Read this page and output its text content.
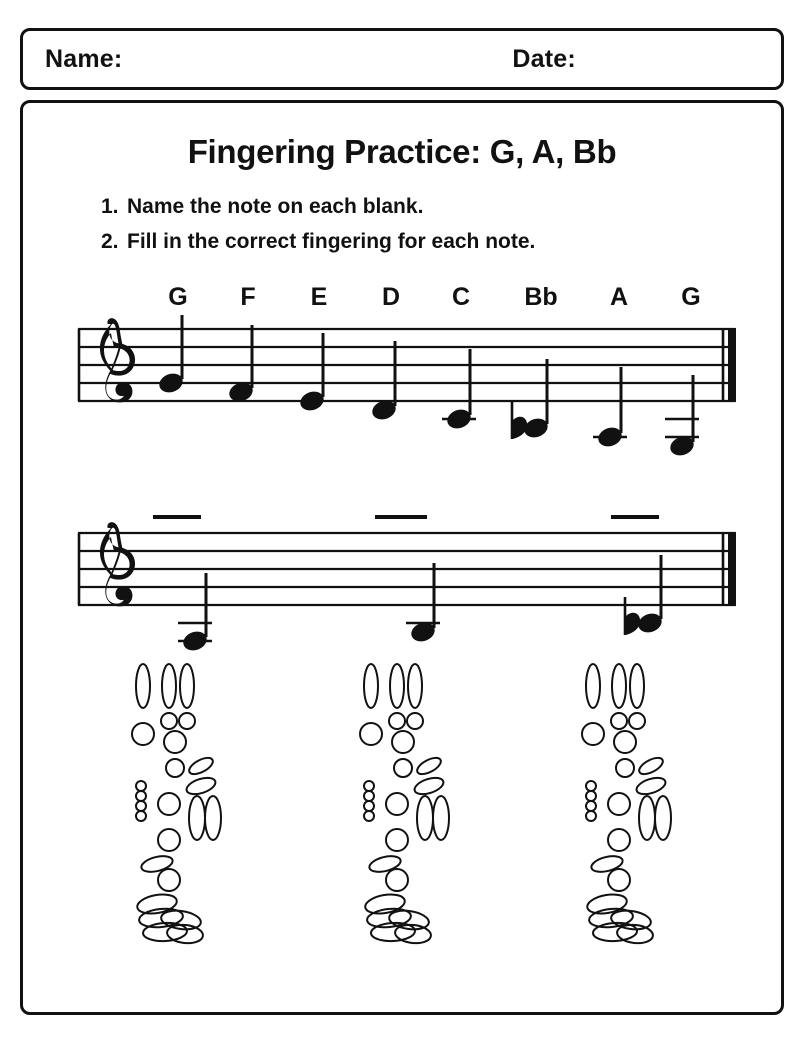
Name:	Date:
Fingering Practice: G, A, Bb
1. Name the note on each blank.
2. Fill in the correct fingering for each note.
G F E D C Bb A G
